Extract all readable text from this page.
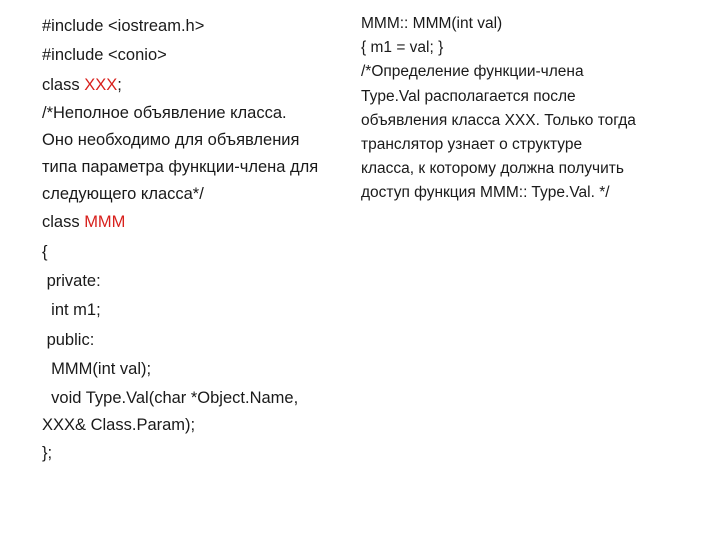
#include <iostream.h>
#include <conio>
class XXX;
/*Неполное объявление класса.
Оно необходимо для объявления
типа параметра функции-члена для
следующего класса*/
class MMM
{
private:
int m1;
public:
MMM(int val);
void Type.Val(char *Object.Name,
XXX& Class.Param);
};
MMM:: MMM(int val)
{ m1 = val; }
/*Определение функции-члена
Type.Val располагается после
объявления класса XXX. Только тогда
транслятор узнает о структуре
класса, к которому должна получить
доступ функция MMM:: Type.Val. */
